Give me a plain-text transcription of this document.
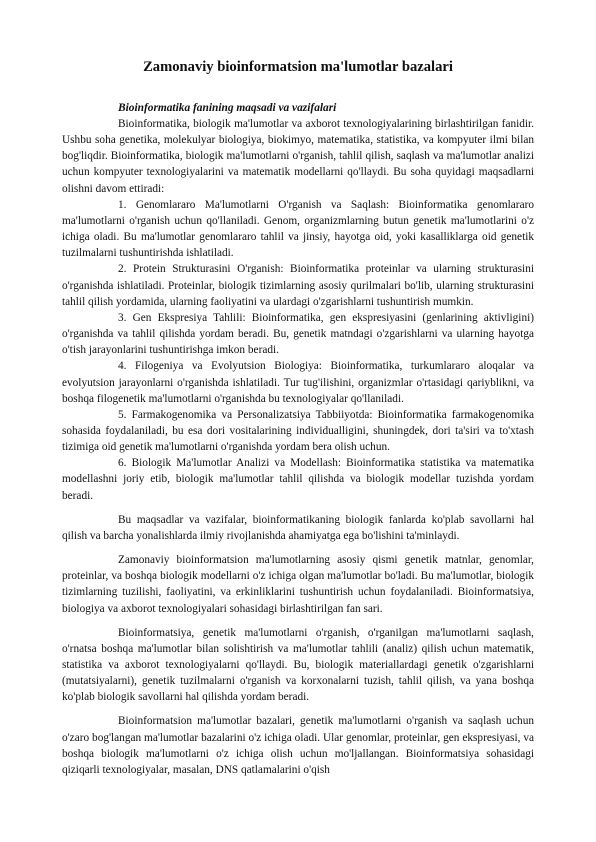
Zamonaviy bioinformatsion ma'lumotlar bazalari
Bioinformatika fanining maqsadi va vazifalari

Bioinformatika, biologik ma'lumotlar va axborot texnologiyalarining birlashtirilgan fanidir. Ushbu soha genetika, molekulyar biologiya, biokimyo, matematika, statistika, va kompyuter ilmi bilan bog'liqdir. Bioinformatika, biologik ma'lumotlarni o'rganish, tahlil qilish, saqlash va ma'lumotlar analizi uchun kompyuter texnologiyalarini va matematik modellarni qo'llaydi. Bu soha quyidagi maqsadlarni olishni davom ettiradi:

1. Genomlararo Ma'lumotlarni O'rganish va Saqlash: Bioinformatika genomlararo ma'lumotlarni o'rganish uchun qo'llaniladi. Genom, organizmlarning butun genetik ma'lumotlarini o'z ichiga oladi. Bu ma'lumotlar genomlararo tahlil va jinsiy, hayotga oid, yoki kasalliklarga oid genetik tuzilmalarni tushuntirishda ishlatiladi.

2. Protein Strukturasini O'rganish: Bioinformatika proteinlar va ularning strukturasini o'rganishda ishlatiladi. Proteinlar, biologik tizimlarning asosiy qurilmalari bo'lib, ularning strukturasini tahlil qilish yordamida, ularning faoliyatini va ulardagi o'zgarishlarni tushuntirish mumkin.

3. Gen Ekspresiya Tahlili: Bioinformatika, gen ekspresiyasini (genlarining aktivligini) o'rganishda va tahlil qilishda yordam beradi. Bu, genetik matndagi o'zgarishlarni va ularning hayotga o'tish jarayonlarini tushuntirishga imkon beradi.

4. Filogeniya va Evolyutsion Biologiya: Bioinformatika, turkumlararo aloqalar va evolyutsion jarayonlarni o'rganishda ishlatiladi. Tur tug'ilishini, organizmlar o'rtasidagi qariyblikni, va boshqa filogenetik ma'lumotlarni o'rganishda bu texnologiyalar qo'llaniladi.

5. Farmakogenomika va Personalizatsiya Tabbiiyotda: Bioinformatika farmakogenomika sohasida foydalaniladi, bu esa dori vositalarining individualligini, shuningdek, dori ta'siri va to'xtash tizimiga oid genetik ma'lumotlarni o'rganishda yordam bera olish uchun.

6. Biologik Ma'lumotlar Analizi va Modellash: Bioinformatika statistika va matematika modellashni joriy etib, biologik ma'lumotlar tahlil qilishda va biologik modellar tuzishda yordam beradi.

Bu maqsadlar va vazifalar, bioinformatikaning biologik fanlarda ko'plab savollarni hal qilish va barcha yonalishlarda ilmiy rivojlanishda ahamiyatga ega bo'lishini ta'minlaydi.

Zamonaviy bioinformatsion ma'lumotlarning asosiy qismi genetik matnlar, genomlar, proteinlar, va boshqa biologik modellarni o'z ichiga olgan ma'lumotlar bo'ladi. Bu ma'lumotlar, biologik tizimlarning tuzilishi, faoliyatini, va erkinliklarini tushuntirish uchun foydalaniladi. Bioinformatsiya, biologiya va axborot texnologiyalari sohasidagi birlashtirilgan fan sari.

Bioinformatsiya, genetik ma'lumotlarni o'rganish, o'rganilgan ma'lumotlarni saqlash, o'rnatsa boshqa ma'lumotlar bilan solishtirish va ma'lumotlar tahlili (analiz) qilish uchun matematik, statistika va axborot texnologiyalarni qo'llaydi. Bu, biologik materiallardagi genetik o'zgarishlarni (mutatsiyalarni), genetik tuzilmalarni o'rganish va korxonalarni tuzish, tahlil qilish, va yana boshqa ko'plab biologik savollarni hal qilishda yordam beradi.

Bioinformatsion ma'lumotlar bazalari, genetik ma'lumotlarni o'rganish va saqlash uchun o'zaro bog'langan ma'lumotlar bazalarini o'z ichiga oladi. Ular genomlar, proteinlar, gen ekspresiyasi, va boshqa biologik ma'lumotlarni o'z ichiga olish uchun mo'ljallangan. Bioinformatsiya sohasidagi qiziqarli texnologiyalar, masalan, DNS qatlamalarini o'qish
